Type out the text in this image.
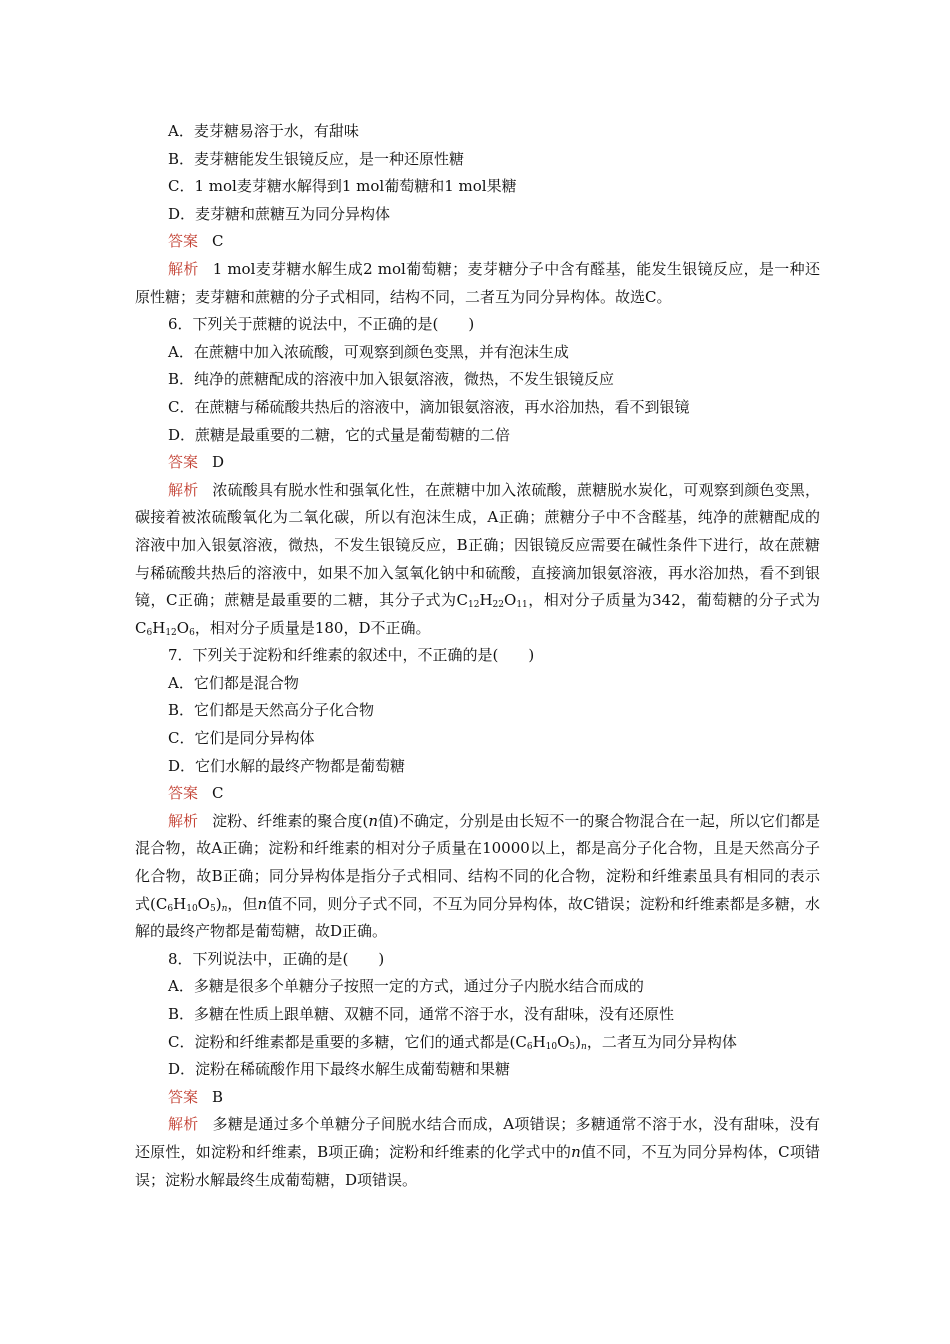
A．麦芽糖易溶于水，有甜味
B．麦芽糖能发生银镜反应，是一种还原性糖
C．1 mol麦芽糖水解得到1 mol葡萄糖和1 mol果糖
D．麦芽糖和蔗糖互为同分异构体
答案 C
解析 1 mol麦芽糖水解生成2 mol葡萄糖；麦芽糖分子中含有醛基，能发生银镜反应，是一种还原性糖；麦芽糖和蔗糖的分子式相同，结构不同，二者互为同分异构体。故选C。
6．下列关于蔗糖的说法中，不正确的是(　　)
A．在蔗糖中加入浓硫酸，可观察到颜色变黑，并有泡沫生成
B．纯净的蔗糖配成的溶液中加入银氨溶液，微热，不发生银镜反应
C．在蔗糖与稀硫酸共热后的溶液中，滴加银氨溶液，再水浴加热，看不到银镜
D．蔗糖是最重要的二糖，它的式量是葡萄糖的二倍
答案 D
解析 浓硫酸具有脱水性和强氧化性，在蔗糖中加入浓硫酸，蔗糖脱水炭化，可观察到颜色变黑，碳接着被浓硫酸氧化为二氧化碳，所以有泡沫生成，A正确；蔗糖分子中不含醛基，纯净的蔗糖配成的溶液中加入银氨溶液，微热，不发生银镜反应，B正确；因银镜反应需要在碱性条件下进行，故在蔗糖与稀硫酸共热后的溶液中，如果不加入氢氧化钠中和硫酸，直接滴加银氨溶液，再水浴加热，看不到银镜，C正确；蔗糖是最重要的二糖，其分子式为$C_{12}H_{22}O_{11}$，相对分子质量为342，葡萄糖的分子式为$C_6H_{12}O_6$，相对分子质量是180，D不正确。
7．下列关于淀粉和纤维素的叙述中，不正确的是(　　)
A．它们都是混合物
B．它们都是天然高分子化合物
C．它们是同分异构体
D．它们水解的最终产物都是葡萄糖
答案 C
解析 淀粉、纤维素的聚合度(n值)不确定，分别是由长短不一的聚合物混合在一起，所以它们都是混合物，故A正确；淀粉和纤维素的相对分子质量在10000以上，都是高分子化合物，且是天然高分子化合物，故B正确；同分异构体是指分子式相同、结构不同的化合物，淀粉和纤维素虽具有相同的表示式$(C_6H_{10}O_5)_n$，但n值不同，则分子式不同，不互为同分异构体，故C错误；淀粉和纤维素都是多糖，水解的最终产物都是葡萄糖，故D正确。
8．下列说法中，正确的是(　　)
A．多糖是很多个单糖分子按照一定的方式，通过分子内脱水结合而成的
B．多糖在性质上跟单糖、双糖不同，通常不溶于水，没有甜味，没有还原性
C．淀粉和纤维素都是重要的多糖，它们的通式都是$(C_6H_{10}O_5)_n$，二者互为同分异构体
D．淀粉在稀硫酸作用下最终水解生成葡萄糖和果糖
答案 B
解析 多糖是通过多个单糖分子间脱水结合而成，A项错误；多糖通常不溶于水，没有甜味，没有还原性，如淀粉和纤维素，B项正确；淀粉和纤维素的化学式中的n值不同，不互为同分异构体，C项错误；淀粉水解最终生成葡萄糖，D项错误。
